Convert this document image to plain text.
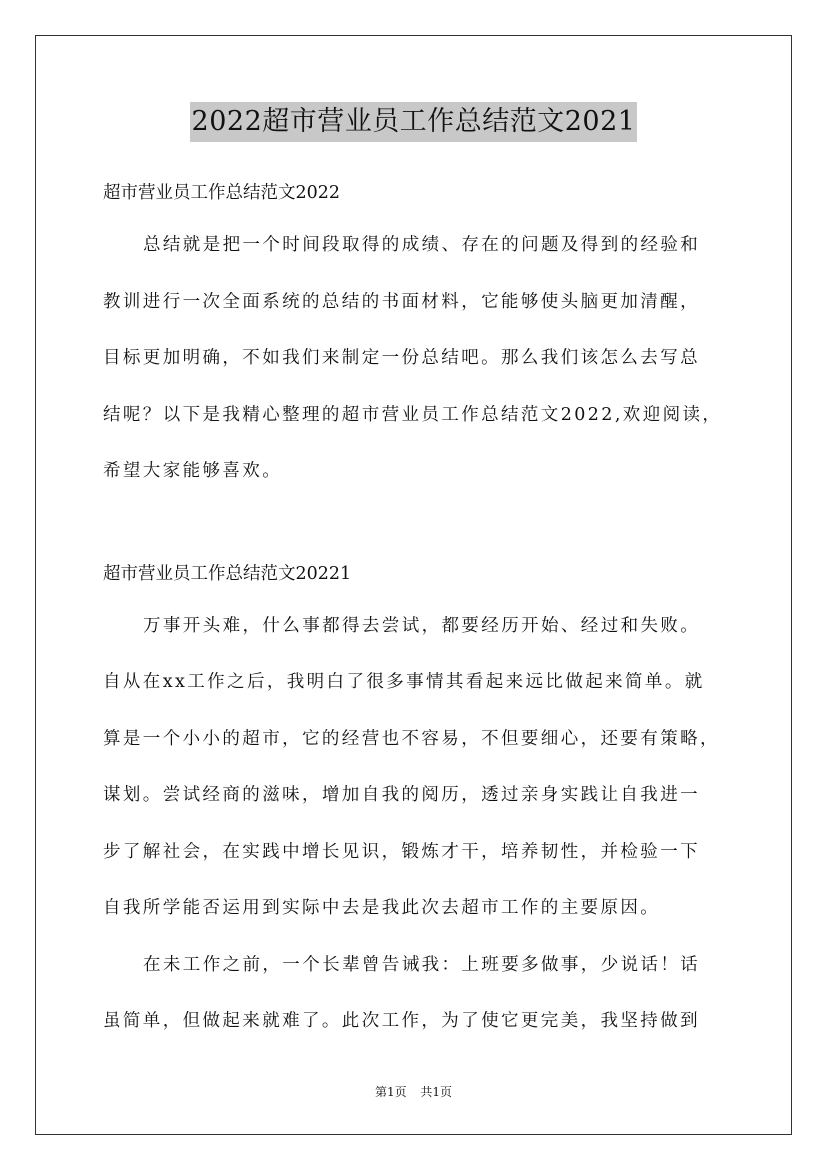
2022超市营业员工作总结范文2021
超市营业员工作总结范文2022
总结就是把一个时间段取得的成绩、存在的问题及得到的经验和
教训进行一次全面系统的总结的书面材料，它能够使头脑更加清醒，
目标更加明确，不如我们来制定一份总结吧。那么我们该怎么去写总
结呢？以下是我精心整理的超市营业员工作总结范文2022,欢迎阅读，
希望大家能够喜欢。
超市营业员工作总结范文20221
万事开头难，什么事都得去尝试，都要经历开始、经过和失败。
自从在xx工作之后，我明白了很多事情其看起来远比做起来简单。就
算是一个小小的超市，它的经营也不容易，不但要细心，还要有策略，
谋划。尝试经商的滋味，增加自我的阅历，透过亲身实践让自我进一
步了解社会，在实践中增长见识，锻炼才干，培养韧性，并检验一下
自我所学能否运用到实际中去是我此次去超市工作的主要原因。
在未工作之前，一个长辈曾告诫我：上班要多做事，少说话！话
虽简单，但做起来就难了。此次工作，为了使它更完美，我坚持做到
第1页 共1页
